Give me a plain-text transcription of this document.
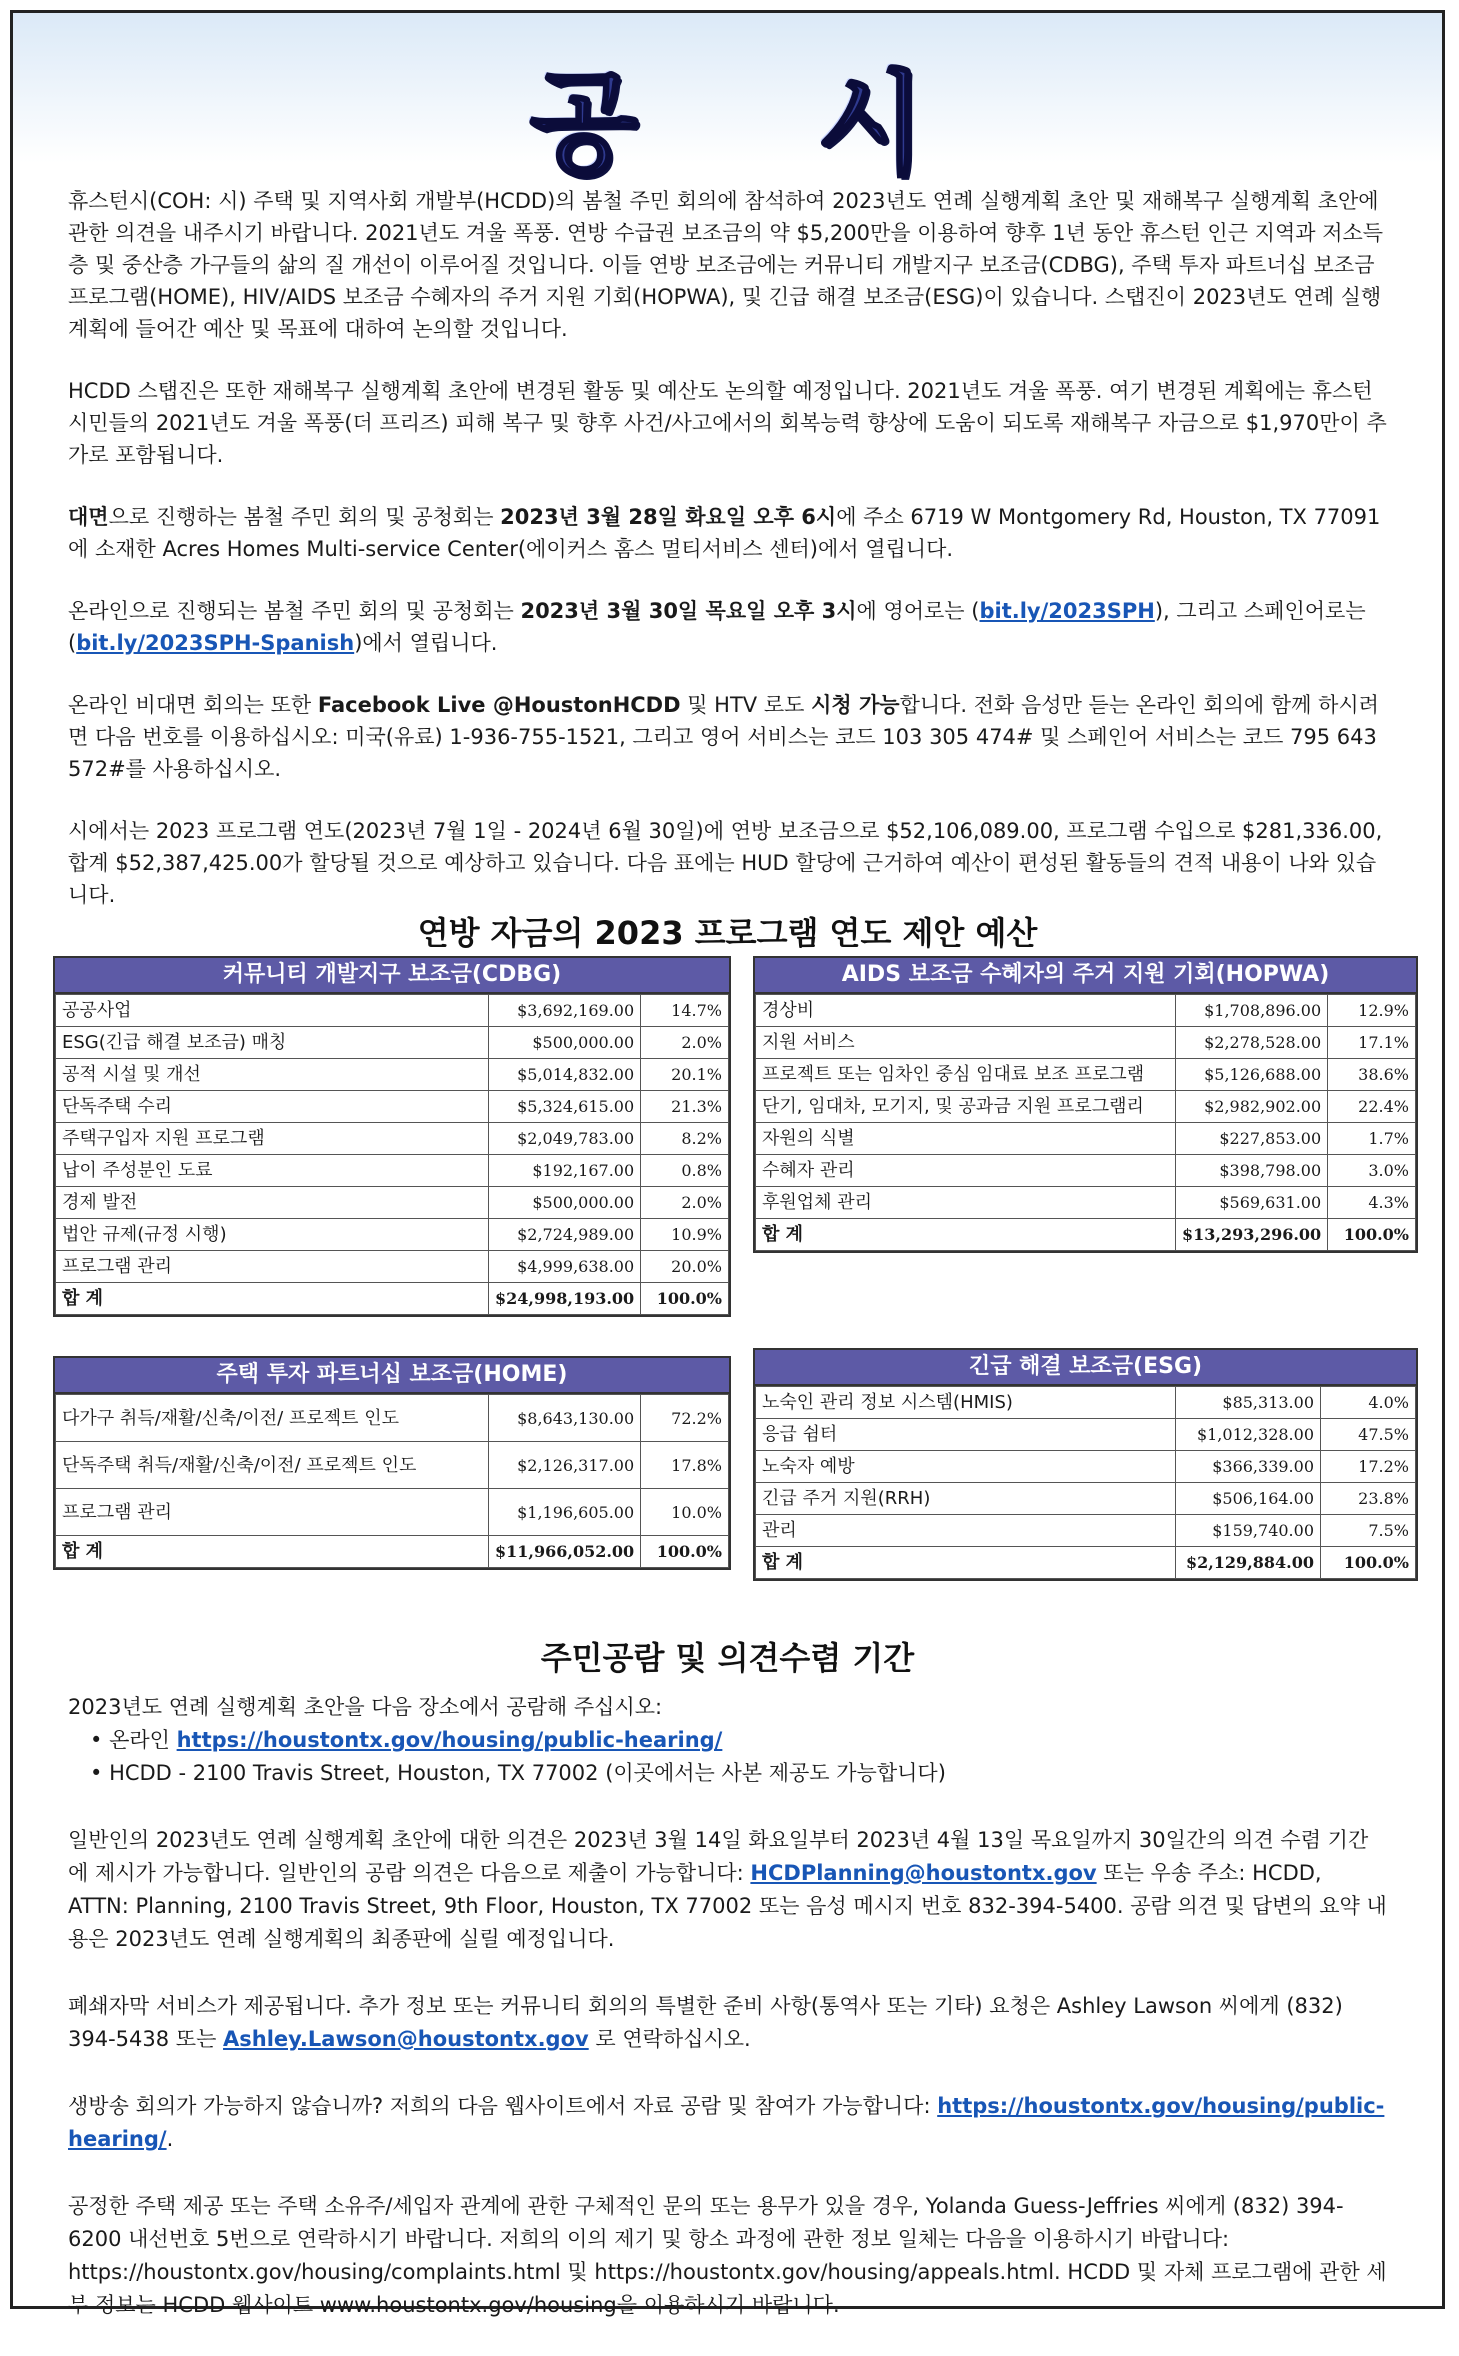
공 시

휴스턴시(COH: 시) 주택 및 지역사회 개발부(HCDD)의 봄철 주민 회의에 참석하여 2023년도 연례 실행계획 초안 및 재해복구 실행계획 초안에 관한 의견을 내주시기 바랍니다. 2021년도 겨울 폭풍. 연방 수급권 보조금의 약 $5,200만을 이용하여 향후 1년 동안 휴스턴 인근 지역과 저소득층 및 중산층 가구들의 삶의 질 개선이 이루어질 것입니다. 이들 연방 보조금에는 커뮤니티 개발지구 보조금(CDBG), 주택 투자 파트너십 보조금 프로그램(HOME), HIV/AIDS 보조금 수혜자의 주거 지원 기회(HOPWA), 및 긴급 해결 보조금(ESG)이 있습니다. 스탭진이 2023년도 연례 실행 계획에 들어간 예산 및 목표에 대하여 논의할 것입니다.

HCDD 스탭진은 또한 재해복구 실행계획 초안에 변경된 활동 및 예산도 논의할 예정입니다. 2021년도 겨울 폭풍. 여기 변경된 계획에는 휴스턴 시민들의 2021년도 겨울 폭풍(더 프리즈) 피해 복구 및 향후 사건/사고에서의 회복능력 향상에 도움이 되도록 재해복구 자금으로 $1,970만이 추가로 포함됩니다.

대면으로 진행하는 봄철 주민 회의 및 공청회는 2023년 3월 28일 화요일 오후 6시에 주소 6719 W Montgomery Rd, Houston, TX 77091에 소재한 Acres Homes Multi-service Center(에이커스 홈스 멀티서비스 센터)에서 열립니다.

온라인으로 진행되는 봄철 주민 회의 및 공청회는 2023년 3월 30일 목요일 오후 3시에 영어로는 (bit.ly/2023SPH), 그리고 스페인어로는 (bit.ly/2023SPH-Spanish)에서 열립니다.

온라인 비대면 회의는 또한 Facebook Live @HoustonHCDD 및 HTV 로도 시청 가능합니다. 전화 음성만 듣는 온라인 회의에 함께 하시려면 다음 번호를 이용하십시오: 미국(유료) 1-936-755-1521, 그리고 영어 서비스는 코드 103 305 474# 및 스페인어 서비스는 코드 795 643 572#를 사용하십시오.

시에서는 2023 프로그램 연도(2023년 7월 1일 - 2024년 6월 30일)에 연방 보조금으로 $52,106,089.00, 프로그램 수입으로 $281,336.00, 합계 $52,387,425.00가 할당될 것으로 예상하고 있습니다. 다음 표에는 HUD 할당에 근거하여 예산이 편성된 활동들의 견적 내용이 나와 있습니다.

연방 자금의 2023 프로그램 연도 제안 예산
커뮤니티 개발지구 보조금(CDBG)
공공사업	$3,692,169.00	14.7%
ESG(긴급 해결 보조금) 매칭	$500,000.00	2.0%
공적 시설 및 개선	$5,014,832.00	20.1%
단독주택 수리	$5,324,615.00	21.3%
주택구입자 지원 프로그램	$2,049,783.00	8.2%
납이 주성분인 도료	$192,167.00	0.8%
경제 발전	$500,000.00	2.0%
법안 규제(규정 시행)	$2,724,989.00	10.9%
프로그램 관리	$4,999,638.00	20.0%
합 계	$24,998,193.00	100.0%
AIDS 보조금 수혜자의 주거 지원 기회(HOPWA)
경상비	$1,708,896.00	12.9%
지원 서비스	$2,278,528.00	17.1%
프로젝트 또는 임차인 중심 임대료 보조 프로그램	$5,126,688.00	38.6%
단기, 임대차, 모기지, 및 공과금 지원 프로그램리	$2,982,902.00	22.4%
자원의 식별	$227,853.00	1.7%
수혜자 관리	$398,798.00	3.0%
후원업체 관리	$569,631.00	4.3%
합 계	$13,293,296.00	100.0%
주택 투자 파트너십 보조금(HOME)
다가구 취득/재활/신축/이전/ 프로젝트 인도	$8,643,130.00	72.2%
단독주택 취득/재활/신축/이전/ 프로젝트 인도	$2,126,317.00	17.8%
프로그램 관리	$1,196,605.00	10.0%
합 계	$11,966,052.00	100.0%
긴급 해결 보조금(ESG)
노숙인 관리 정보 시스템(HMIS)	$85,313.00	4.0%
응급 쉼터	$1,012,328.00	47.5%
노숙자 예방	$366,339.00	17.2%
긴급 주거 지원(RRH)	$506,164.00	23.8%
관리	$159,740.00	7.5%
합 계	$2,129,884.00	100.0%
주민공람 및 의견수렴 기간
2023년도 연례 실행계획 초안을 다음 장소에서 공람해 주십시오:
• 온라인 https://houstontx.gov/housing/public-hearing/
• HCDD - 2100 Travis Street, Houston, TX 77002 (이곳에서는 사본 제공도 가능합니다)

일반인의 2023년도 연례 실행계획 초안에 대한 의견은 2023년 3월 14일 화요일부터 2023년 4월 13일 목요일까지 30일간의 의견 수렴 기간에 제시가 가능합니다. 일반인의 공람 의견은 다음으로 제출이 가능합니다: HCDPlanning@houstontx.gov 또는 우송 주소: HCDD, ATTN: Planning, 2100 Travis Street, 9th Floor, Houston, TX 77002 또는 음성 메시지 번호 832-394-5400. 공람 의견 및 답변의 요약 내용은 2023년도 연례 실행계획의 최종판에 실릴 예정입니다.

폐쇄자막 서비스가 제공됩니다. 추가 정보 또는 커뮤니티 회의의 특별한 준비 사항(통역사 또는 기타) 요청은 Ashley Lawson 씨에게 (832) 394-5438 또는 Ashley.Lawson@houstontx.gov 로 연락하십시오.

생방송 회의가 가능하지 않습니까? 저희의 다음 웹사이트에서 자료 공람 및 참여가 가능합니다: https://houstontx.gov/housing/public-hearing/.

공정한 주택 제공 또는 주택 소유주/세입자 관계에 관한 구체적인 문의 또는 용무가 있을 경우, Yolanda Guess-Jeffries 씨에게 (832) 394-6200 내선번호 5번으로 연락하시기 바랍니다. 저희의 이의 제기 및 항소 과정에 관한 정보 일체는 다음을 이용하시기 바랍니다: https://houstontx.gov/housing/complaints.html 및 https://houstontx.gov/housing/appeals.html. HCDD 및 자체 프로그램에 관한 세부 정보는 HCDD 웹사이트 www.houstontx.gov/housing을 이용하시기 바랍니다.
